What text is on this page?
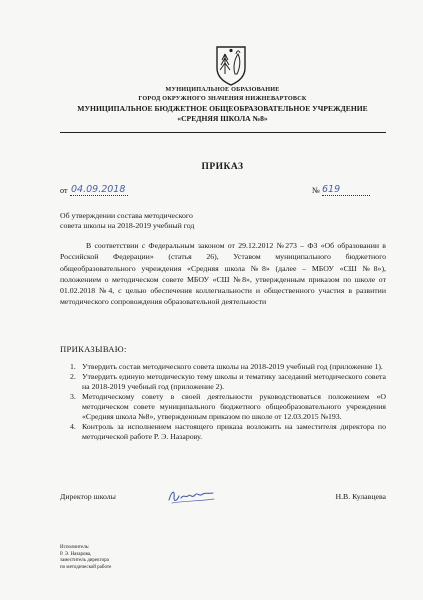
МУНИЦИПАЛЬНОЕ ОБРАЗОВАНИЕ
ГОРОД ОКРУЖНОГО ЗНАЧЕНИЯ НИЖНЕВАРТОВСК
МУНИЦИПАЛЬНОЕ БЮДЖЕТНОЕ ОБЩЕОБРАЗОВАТЕЛЬНОЕ УЧРЕЖДЕНИЕ
«СРЕДНЯЯ ШКОЛА №8»
ПРИКАЗ
от 04.09.2018	№ 619
Об утверждении состава методического
совета школы на 2018-2019 учебный год
В соответствии с Федеральным законом от 29.12.2012 №273 – ФЗ «Об образовании в Российской Федерации» (статья 26), Уставом муниципального бюджетного общеобразовательного учреждения «Средняя школа №8» (далее – МБОУ «СШ №8»), положением о методическом совете МБОУ «СШ №8», утвержденным приказом по школе от 01.02.2018 №4, с целью обеспечения коллегиальности и общественного участия в развитии методического сопровождения образовательной деятельности
ПРИКАЗЫВАЮ:
1. Утвердить состав методического совета школы на 2018-2019 учебный год (приложение 1).
2. Утвердить единую методическую тему школы и тематику заседаний методического совета на 2018-2019 учебный год (приложение 2).
3. Методическому совету в своей деятельности руководствоваться положением «О методическом совете муниципального бюджетного общеобразовательного учреждения «Средняя школа №8», утвержденным приказом по школе от 12.03.2015 №193.
4. Контроль за исполнением настоящего приказа возложить на заместителя директора по методической работе Р. Э. Назарову.
Директор школы	Н.В. Кулавцева
Исполнитель:
Р. Э. Назарова,
заместитель директора
по методической работе
